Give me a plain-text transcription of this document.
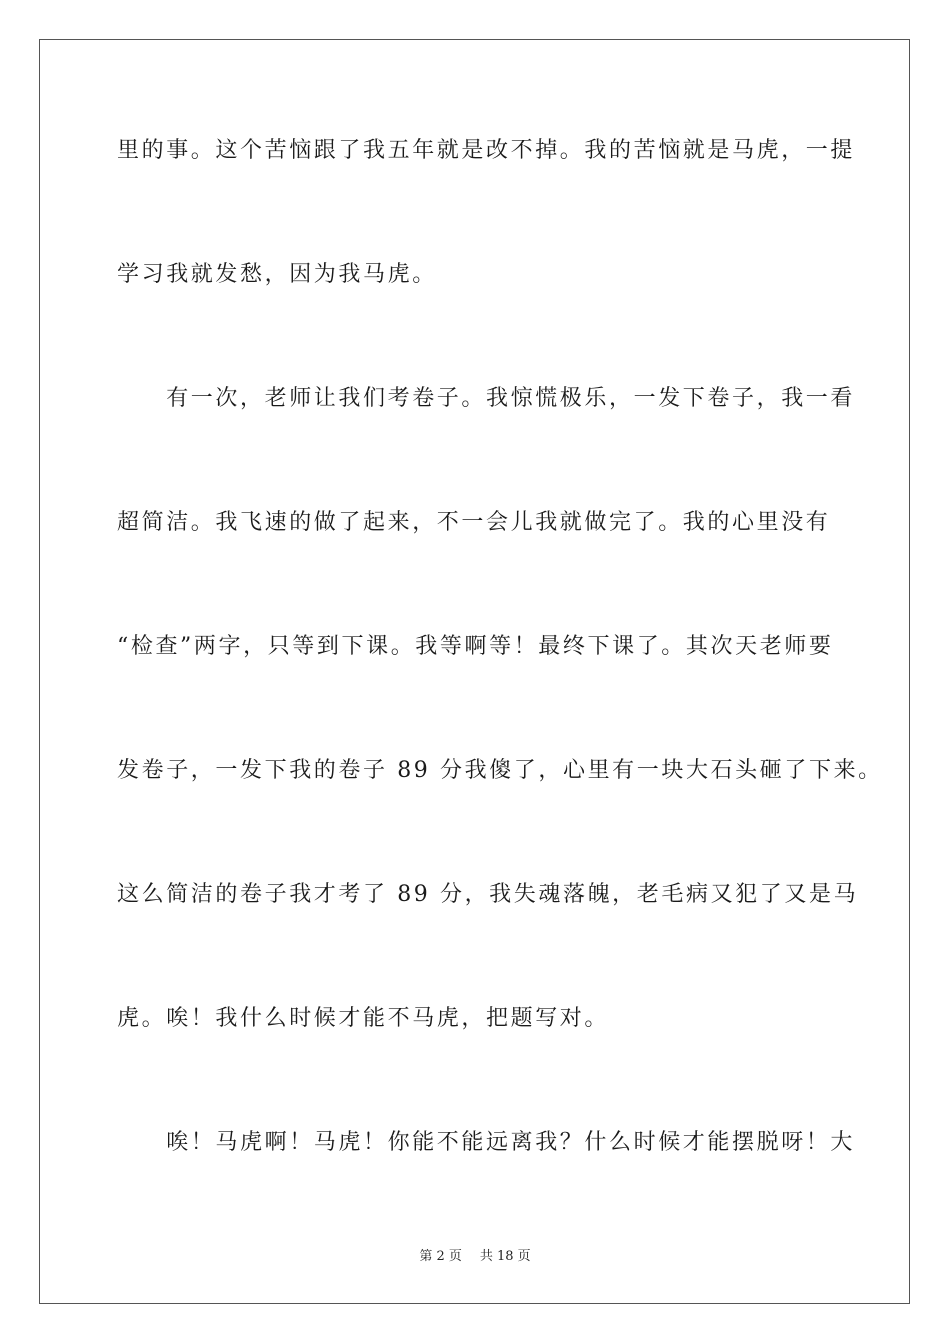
里的事。这个苦恼跟了我五年就是改不掉。我的苦恼就是马虎，一提
学习我就发愁，因为我马虎。
　　有一次，老师让我们考卷子。我惊慌极乐，一发下卷子，我一看
超简洁。我飞速的做了起来，不一会儿我就做完了。我的心里没有
“检查”两字，只等到下课。我等啊等！最终下课了。其次天老师要
发卷子，一发下我的卷子 89 分我傻了，心里有一块大石头砸了下来。
这么简洁的卷子我才考了 89 分，我失魂落魄，老毛病又犯了又是马
虎。唉！我什么时候才能不马虎，把题写对。
　　唉！马虎啊！马虎！你能不能远离我？什么时候才能摆脱呀！大
第 2 页 共 18 页
